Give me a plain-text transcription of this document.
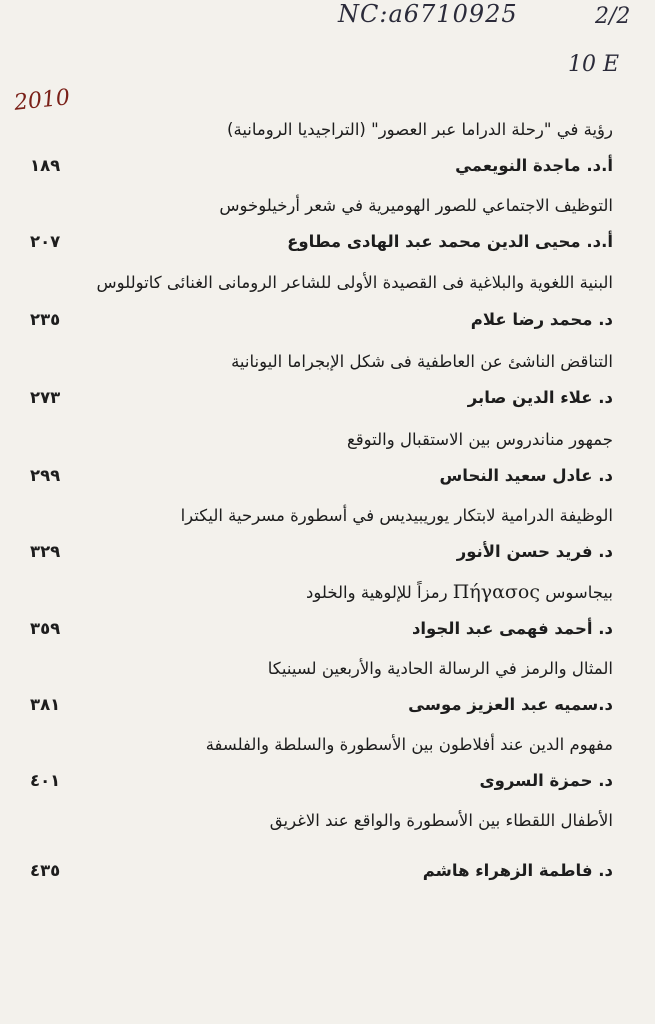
NC:a6710925	2/2
10 E
2010
رؤية في "رحلة الدراما عبر العصور" (التراجيديا الرومانية)
أ.د. ماجدة النويعمي
١٨٩
التوظيف الاجتماعي للصور الهوميرية في شعر أرخيلوخوس
أ.د. محيى الدين محمد عبد الهادى مطاوع
٢٠٧
البنية اللغوية والبلاغية فى القصيدة الأولى للشاعر الرومانى الغنائى كاتوللوس
د. محمد رضا علام
٢٣٥
التناقض الناشئ عن العاطفية فى شكل الإبجراما اليونانية
د. علاء الدين صابر
٢٧٣
جمهور مناندروس بين الاستقبال والتوقع
د. عادل سعيد النحاس
٢٩٩
الوظيفة الدرامية لابتكار يوريبيديس في أسطورة مسرحية اليكترا
د. فريد حسن الأنور
٣٢٩
بيجاسوس Πήγασος رمزاً للإلوهية والخلود
د. أحمد فهمى عبد الجواد
٣٥٩
المثال والرمز في الرسالة الحادية والأربعين لسينيكا
د.سميه عبد العزيز موسى
٣٨١
مفهوم الدين عند أفلاطون بين الأسطورة والسلطة والفلسفة
د. حمزة السروى
٤٠١
الأطفال اللقطاء بين الأسطورة والواقع عند الاغريق
د. فاطمة الزهراء هاشم
٤٣٥
